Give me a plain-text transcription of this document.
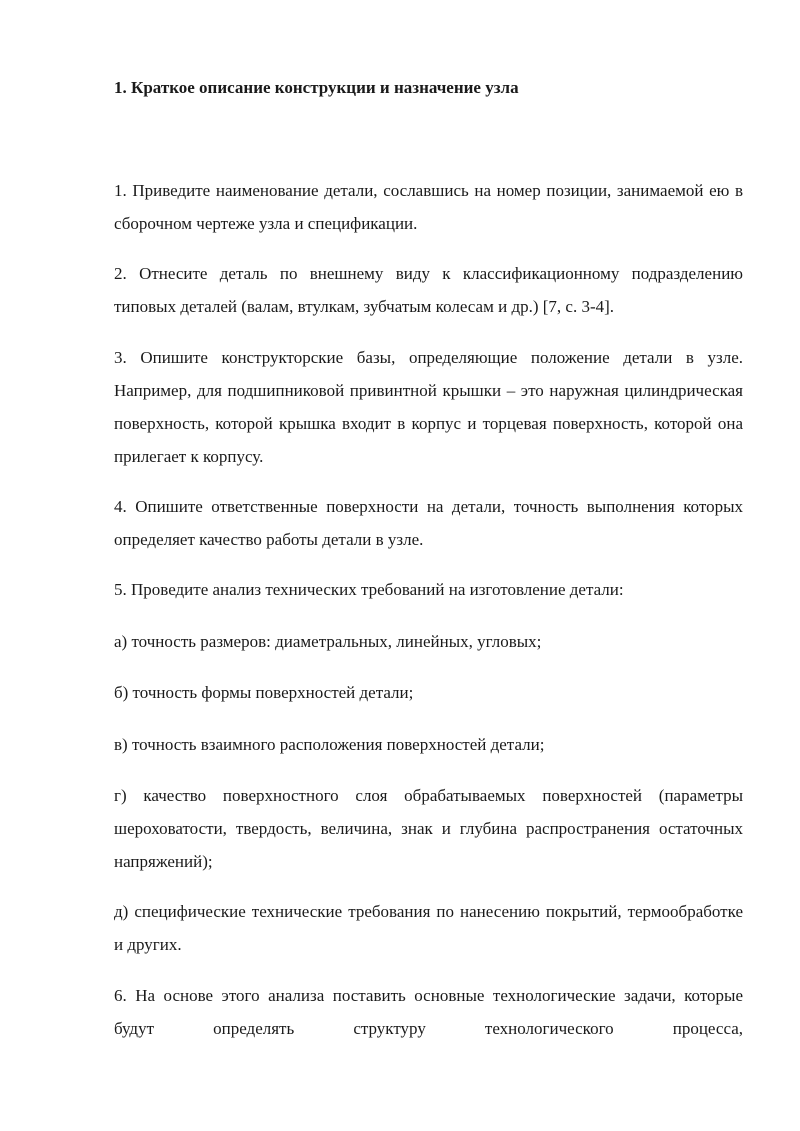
1. Краткое описание конструкции и назначение узла

1. Приведите наименование детали, сославшись на номер позиции, занимаемой ею в сборочном чертеже узла и спецификации.

2. Отнесите деталь по внешнему виду к классификационному подразделению типовых деталей (валам, втулкам, зубчатым колесам и др.) [7, с. 3-4].

3. Опишите конструкторские базы, определяющие положение детали в узле. Например, для подшипниковой привинтной крышки – это наружная цилиндрическая поверхность, которой крышка входит в корпус и торцевая поверхность, которой она прилегает к корпусу.

4. Опишите ответственные поверхности на детали, точность выполнения которых определяет качество работы детали в узле.

5. Проведите анализ технических требований на изготовление детали:

а) точность размеров: диаметральных, линейных, угловых;

б) точность формы поверхностей детали;

в) точность взаимного расположения поверхностей детали;

г) качество поверхностного слоя обрабатываемых поверхностей (параметры шероховатости, твердость, величина, знак и глубина распространения остаточных напряжений);

д) специфические технические требования по нанесению покрытий, термообработке и других.

6. На основе этого анализа поставить основные технологические задачи, которые будут определять структуру технологического процесса,
